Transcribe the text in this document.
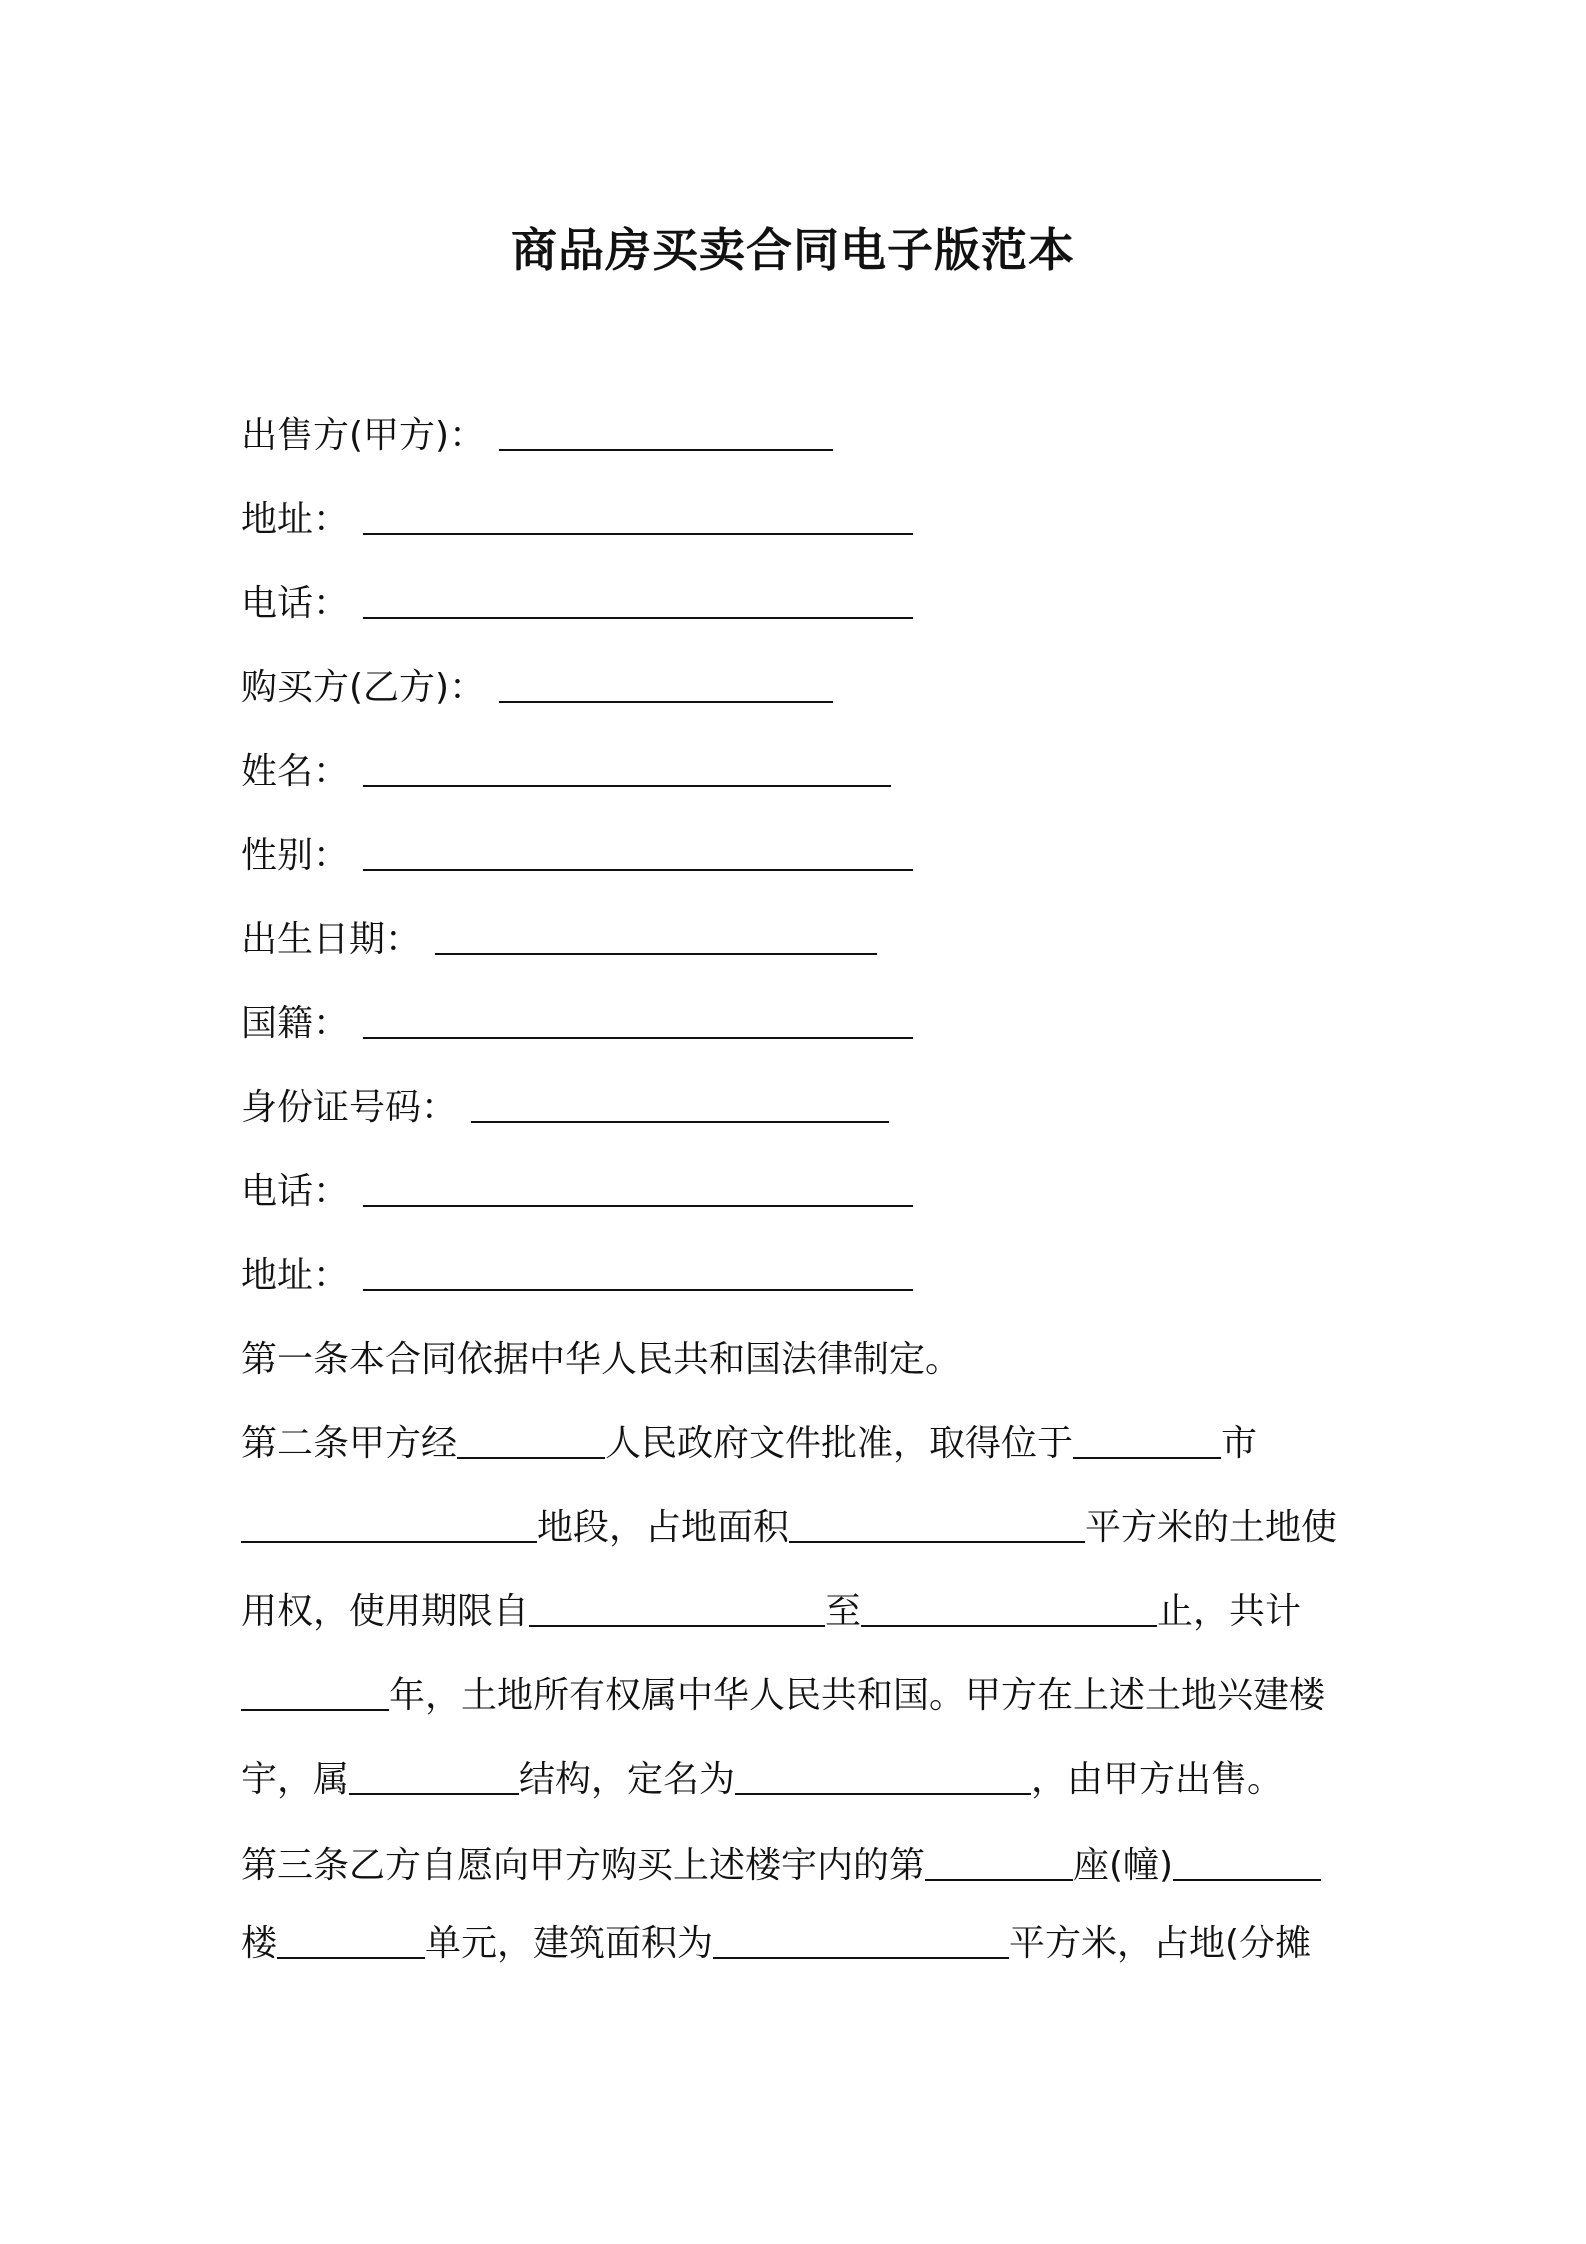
商品房买卖合同电子版范本
出售方(甲方)：
地址：
电话：
购买方(乙方)：
姓名：
性别：
出生日期：
国籍：
身份证号码：
电话：
地址：
第一条本合同依据中华人民共和国法律制定。
第二条甲方经	人民政府文件批准，取得位于	市
地段，占地面积	平方米的土地使
用权，使用期限自	至	止，共计
年，土地所有权属中华人民共和国。甲方在上述土地兴建楼
宇，属	结构，定名为	，由甲方出售。
第三条乙方自愿向甲方购买上述楼宇内的第	座(幢)
楼	单元，建筑面积为	平方米，占地(分摊
